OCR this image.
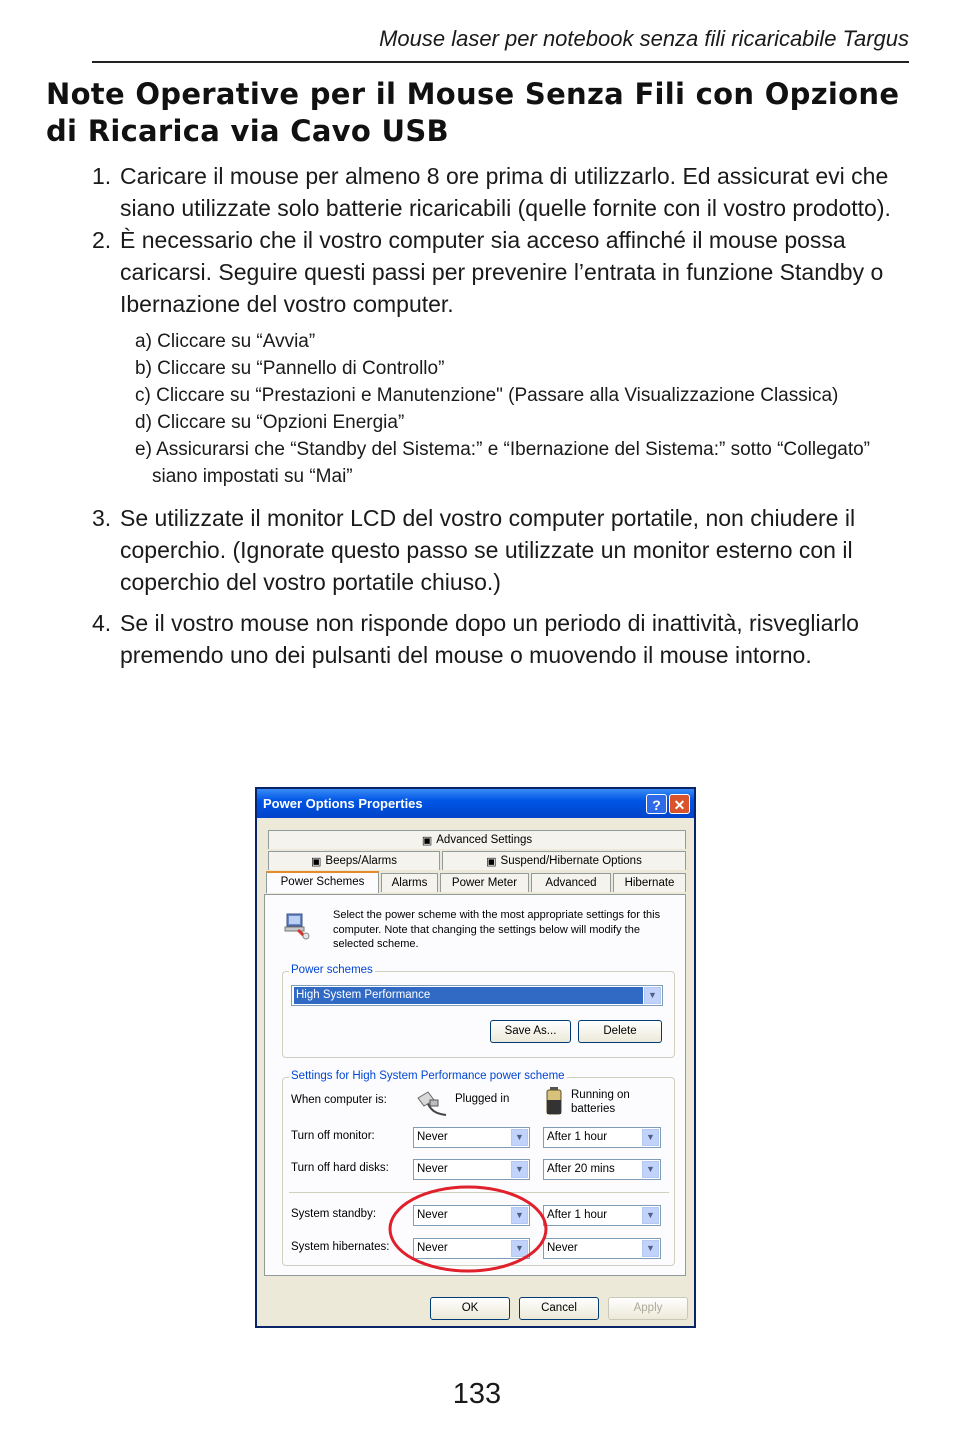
Mouse laser per notebook senza fili ricaricabile Targus
Note Operative per il Mouse Senza Fili con Opzione di Ricarica via Cavo USB
1. Caricare il mouse per almeno 8 ore prima di utilizzarlo. Ed assicurat evi che siano utilizzate solo batterie ricaricabili (quelle fornite con il vostro prodotto).
2. È necessario che il vostro computer sia acceso affinché il mouse possa caricarsi. Seguire questi passi per prevenire l’entrata in funzione Standby o Ibernazione del vostro computer.
a) Cliccare su “Avvia”
b) Cliccare su “Pannello di Controllo”
c) Cliccare su “Prestazioni e Manutenzione" (Passare alla Visualizzazione Classica)
d) Cliccare su “Opzioni Energia”
e) Assicurarsi che “Standby del Sistema:” e “Ibernazione del Sistema:” sotto “Collegato” siano impostati su “Mai”
3. Se utilizzate il monitor LCD del vostro computer portatile, non chiudere il coperchio. (Ignorate questo passo se utilizzate un monitor esterno con il coperchio del vostro portatile chiuso.)
4. Se il vostro mouse non risponde dopo un periodo di inattività, risvegliarlo premendo uno dei pulsanti del mouse o muovendo il mouse intorno.
Power Options Properties	? ✕
▣ Advanced Settings
▣ Beeps/Alarms	▣ Suspend/Hibernate Options
Power Schemes	Alarms	Power Meter	Advanced	Hibernate
Select the power scheme with the most appropriate settings for this computer. Note that changing the settings below will modify the selected scheme.
Power schemes
High System Performance	▼
Save As...	Delete
Settings for High System Performance power scheme
When computer is:	Plugged in	Running on batteries
Turn off monitor:	Never	▼	After 1 hour	▼
Turn off hard disks:	Never	▼	After 20 mins	▼
System standby:	Never	▼	After 1 hour	▼
System hibernates:	Never	▼	Never	▼
OK	Cancel	Apply
133
